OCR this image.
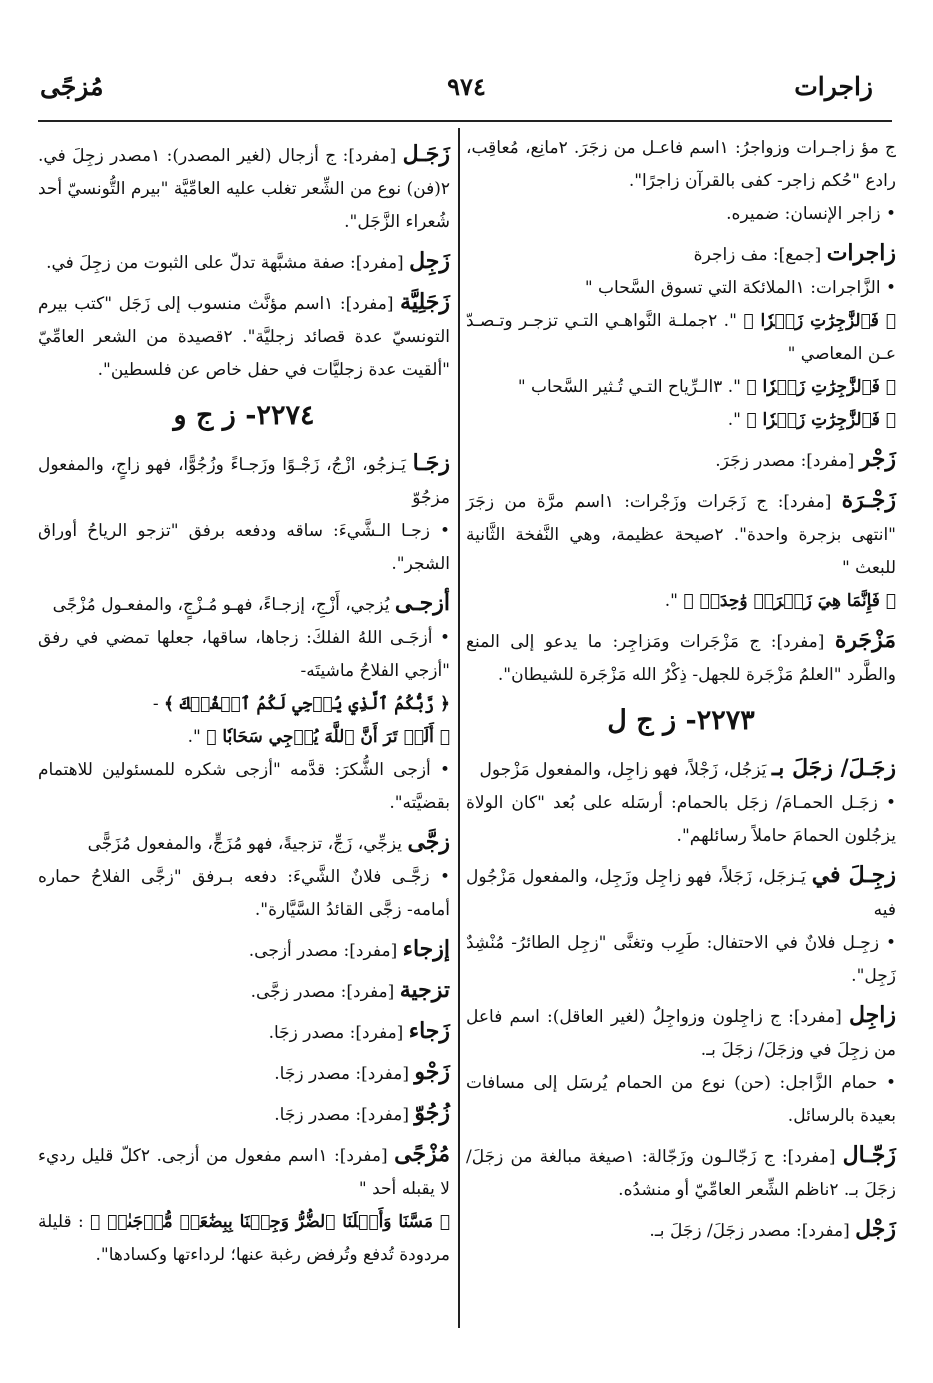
زاجرات
٩٧٤
مُزجًى

ج مؤ زاجـرات وزواجرُ: ١اسم فاعـل من زجَرَ. ٢مانِع، مُعاقِب، رادع "حُكم زاجر- كفى بالقرآن زاجرًا".

• زاجر الإنسان: ضميره.

زاجرات [جمع]: مف زاجرة

• الزَّاجرات: ١الملائكة التي تسوق السَّحاب "

﴿ فَٱلزَّٰجِرَٰتِ زَجۡرٗا ﴾ ". ٢جملـة النَّواهـي التـي تزجـر وتـصـدّ عـن المعاصي "

﴿ فَٱلزَّٰجِرَٰتِ زَجۡرٗا ﴾ ". ٣الـرِّياح التـي تُـثير السَّحاب "

﴿ فَٱلزَّٰجِرَٰتِ زَجۡرٗا ﴾ ".

زَجْر [مفرد]: مصدر زجَرَ.

زَجْـرَة [مفرد]: ج زَجَرات وزَجْرات: ١اسم مرَّة من زجَرَ "انتهى بزجرة واحدة". ٢صيحة عظيمة، وهي النَّفخة الثَّانية للبعث "

﴿ فَإِنَّمَا هِيَ زَجۡرَةٞ وَٰحِدَةٞ ﴾ ".

مَزْجَرة [مفرد]: ج مَزْجَرات ومَزاجِر: ما يدعو إلى المنع والطَّرد "العلمُ مَزْجَرة للجهل- ذِكْرُ الله مَزْجَرة للشيطان".

٢٢٧٣- ز ج ل

زجَـلَ/ زجَلَ بـ يَزجُل، زَجْلاً، فهو زاجِل، والمفعول مَزْجول

• زجَـل الحمـامَ/ زجَل بالحمام: أرسَله على بُعد "كان الولاة يزجُلون الحمامَ حاملاً رسائلهم".

زجِـلَ في يَـزجَل، زَجَلاً، فهو زاجِل وزَجِل، والمفعول مَزْجُول فيه

• زجِـل فلانٌ في الاحتفال: طَرِب وتغنَّى "زجِل الطائرُ- مُنْشِدٌ زَجِل".

زاجِل [مفرد]: ج زاجِلون وزواجِلُ (لغير العاقل): اسم فاعل من زجِلَ في وزجَلَ/ زجَلَ بـ.

• حمام الزَّاجل: (حن) نوع من الحمام يُرسَل إلى مسافات بعيدة بالرسائل.

زَجّـال [مفرد]: ج زَجّالـون وزَجّالة: ١صيغة مبالغة من زجَلَ/ زجَلَ بـ. ٢ناظم الشِّعر العامِّيّ أو منشدُه.

زَجْل [مفرد]: مصدر زجَلَ/ زجَلَ بـ.

زَجَـل [مفرد]: ج أزجال (لغير المصدر): ١مصدر زجِلَ في. ٢(فن) نوع من الشِّعر تغلب عليه العامِّيَّة "بيرم التُّونسيّ أحد شُعراء الزَّجَل".

زَجِل [مفرد]: صفة مشبَّهة تدلّ على الثبوت من زجِلَ في.

زَجَلِيَّة [مفرد]: ١اسم مؤنَّث منسوب إلى زَجَل "كتب بيرم التونسيّ عدة قصائد زجليَّة". ٢قصيدة من الشعر العامِّيّ "ألقيت عدة زجليَّات في حفل خاص عن فلسطين".

٢٢٧٤- ز ج و

زجَـا يَـزجُو، ازْجُ، زَجْـوًا وزَجـاءً وزُجُوًّا، فهو زاجٍ، والمفعول مزجُوّ

• زجـا الـشَّيءَ: ساقه ودفعه برفق "تزجو الرياحُ أوراق الشجر".

أزجـى يُزجي، أَزْجِ، إزجـاءً، فهـو مُـزْجٍ، والمفعـول مُزْجًى

• أزجَـى اللهُ الفلكَ: زجاها، ساقها، جعلها تمضي في رفق "أزجي الفلاحُ ماشيتَه-

﴿ رَّبُّكُمُ ٱلَّذِي يُزۡجِي لَكُمُ ٱلۡفُلۡكَ ﴾ -

﴿ أَلَمۡ تَرَ أَنَّ ٱللَّهَ يُزۡجِي سَحَابٗا ﴾ ".

• أزجى الشُّكرَ: قدَّمه "أزجى شكره للمسئولين للاهتمام بقضيَّته".

زجَّى يزجِّي، زَجِّ، تزجيةً، فهو مُزَجٍّ، والمفعول مُزَجًّى

• زجَّـى فلانٌ الشَّيءَ: دفعه بـرفق "زجَّى الفلاحُ حماره أمامه- زجَّى القائدُ السَّيَّارة".

إزجاء [مفرد]: مصدر أزجى.

تزجية [مفرد]: مصدر زجَّى.

زَجاء [مفرد]: مصدر زجَا.

زَجْو [مفرد]: مصدر زجَا.

زُجُوّ [مفرد]: مصدر زجَا.

مُزْجًى [مفرد]: ١اسم مفعول من أزجى. ٢كلّ قليل رديء لا يقبله أحد "

﴿ مَسَّنَا وَأَهۡلَنَا ٱلضُّرُّ وَجِئۡنَا بِبِضَٰعَةٖ مُّزۡجَىٰةٖ ﴾ : قليلة مردودة تُدفع وتُرفض رغبة عنها؛ لرداءتها وكسادها".
